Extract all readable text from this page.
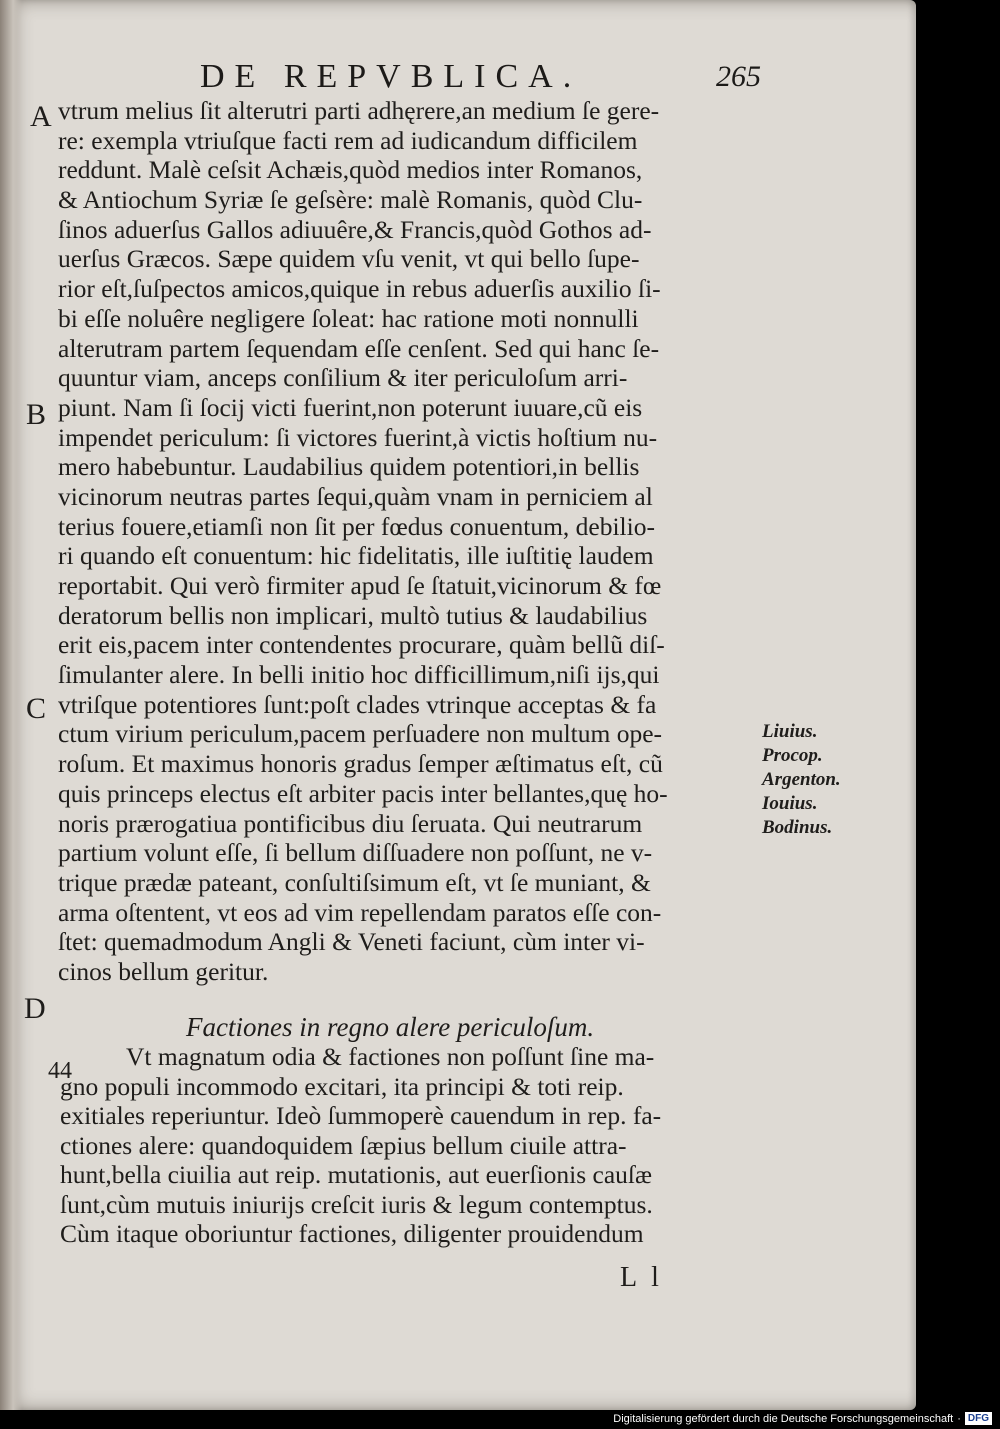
DE REPVBLICA.	265
A
B
C
D
vtrum melius ſit alterutri parti adhęrere,an medium ſe gere-
re: exempla vtriuſque facti rem ad iudicandum difficilem
reddunt. Malè ceſsit Achæis,quòd medios inter Romanos,
& Antiochum Syriæ ſe geſsère: malè Romanis, quòd Clu-
ſinos aduerſus Gallos adiuuêre,& Francis,quòd Gothos ad-
uerſus Græcos. Sæpe quidem vſu venit, vt qui bello ſupe-
rior eſt,ſuſpectos amicos,quique in rebus aduerſis auxilio ſi-
bi eſſe noluêre negligere ſoleat: hac ratione moti nonnulli
alterutram partem ſequendam eſſe cenſent. Sed qui hanc ſe-
quuntur viam, anceps conſilium & iter periculoſum arri-
piunt. Nam ſi ſocij victi fuerint,non poterunt iuuare,cũ eis
impendet periculum: ſi victores fuerint,à victis hoſtium nu-
mero habebuntur. Laudabilius quidem potentiori,in bellis
vicinorum neutras partes ſequi,quàm vnam in perniciem al
terius fouere,etiamſi non ſit per fœdus conuentum, debilio-
ri quando eſt conuentum: hic fidelitatis, ille iuſtitię laudem
reportabit. Qui verò firmiter apud ſe ſtatuit,vicinorum & fœ
deratorum bellis non implicari, multò tutius & laudabilius
erit eis,pacem inter contendentes procurare, quàm bellũ diſ-
ſimulanter alere. In belli initio hoc difficillimum,niſi ijs,qui
vtriſque potentiores ſunt:poſt clades vtrinque acceptas & fa
ctum virium periculum,pacem perſuadere non multum ope-
roſum. Et maximus honoris gradus ſemper æſtimatus eſt, cũ
quis princeps electus eſt arbiter pacis inter bellantes,quę ho-
noris prærogatiua pontificibus diu ſeruata. Qui neutrarum
partium volunt eſſe, ſi bellum diſſuadere non poſſunt, ne v-
trique prædæ pateant, conſultiſsimum eſt, vt ſe muniant, &
arma oſtentent, vt eos ad vim repellendam paratos eſſe con-
ſtet: quemadmodum Angli & Veneti faciunt, cùm inter vi-
cinos bellum geritur.
Liuius.
Procop.
Argenton.
Iouius.
Bodinus.
Factiones in regno alere periculoſum.
44	Vt magnatum odia & factiones non poſſunt ſine ma-
gno populi incommodo excitari, ita principi & toti reip.
exitiales reperiuntur. Ideò ſummoperè cauendum in rep. fa-
ctiones alere: quandoquidem ſæpius bellum ciuile attra-
hunt,bella ciuilia aut reip. mutationis, aut euerſionis cauſæ
ſunt,cùm mutuis iniurijs creſcit iuris & legum contemptus.
Cùm itaque oboriuntur factiones, diligenter prouidendum
L l
Digitalisierung gefördert durch die Deutsche Forschungsgemeinschaft · DFG
